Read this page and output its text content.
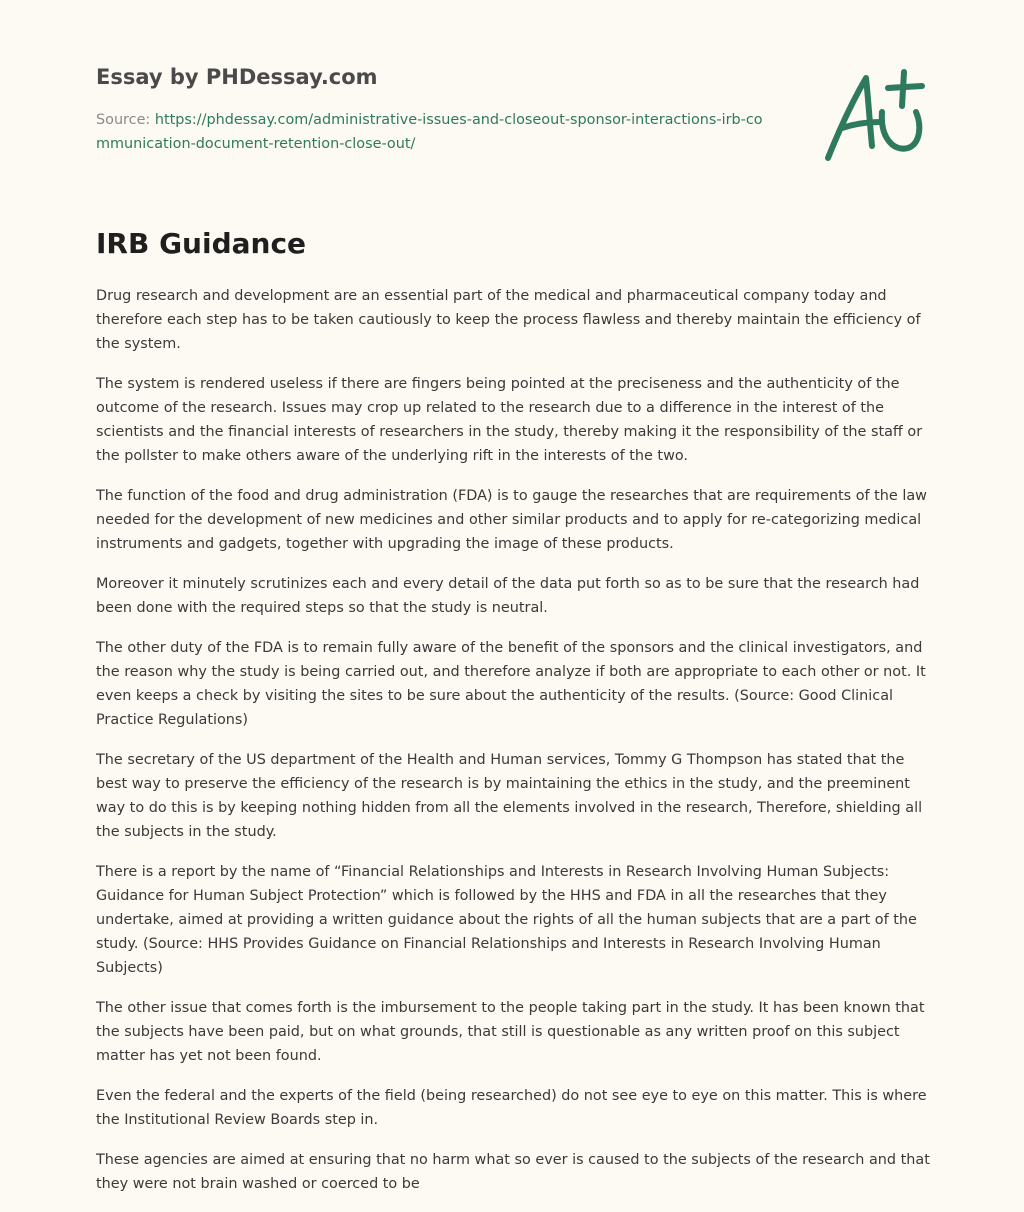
Essay by PHDessay.com
Source: https://phdessay.com/administrative-issues-and-closeout-sponsor-interactions-irb-communication-document-retention-close-out/
IRB Guidance

Drug research and development are an essential part of the medical and pharmaceutical company today and therefore each step has to be taken cautiously to keep the process flawless and thereby maintain the efficiency of the system.

The system is rendered useless if there are fingers being pointed at the preciseness and the authenticity of the outcome of the research. Issues may crop up related to the research due to a difference in the interest of the scientists and the financial interests of researchers in the study, thereby making it the responsibility of the staff or the pollster to make others aware of the underlying rift in the interests of the two.

The function of the food and drug administration (FDA) is to gauge the researches that are requirements of the law needed for the development of new medicines and other similar products and to apply for re-categorizing medical instruments and gadgets, together with upgrading the image of these products.

Moreover it minutely scrutinizes each and every detail of the data put forth so as to be sure that the research had been done with the required steps so that the study is neutral.

The other duty of the FDA is to remain fully aware of the benefit of the sponsors and the clinical investigators, and the reason why the study is being carried out, and therefore analyze if both are appropriate to each other or not. It even keeps a check by visiting the sites to be sure about the authenticity of the results. (Source: Good Clinical Practice Regulations)

The secretary of the US department of the Health and Human services, Tommy G Thompson has stated that the best way to preserve the efficiency of the research is by maintaining the ethics in the study, and the preeminent way to do this is by keeping nothing hidden from all the elements involved in the research, Therefore, shielding all the subjects in the study.

There is a report by the name of “Financial Relationships and Interests in Research Involving Human Subjects: Guidance for Human Subject Protection” which is followed by the HHS and FDA in all the researches that they undertake, aimed at providing a written guidance about the rights of all the human subjects that are a part of the study. (Source: HHS Provides Guidance on Financial Relationships and Interests in Research Involving Human Subjects)

The other issue that comes forth is the imbursement to the people taking part in the study. It has been known that the subjects have been paid, but on what grounds, that still is questionable as any written proof on this subject matter has yet not been found.

Even the federal and the experts of the field (being researched) do not see eye to eye on this matter. This is where the Institutional Review Boards step in.

These agencies are aimed at ensuring that no harm what so ever is caused to the subjects of the research and that they were not brain washed or coerced to be
